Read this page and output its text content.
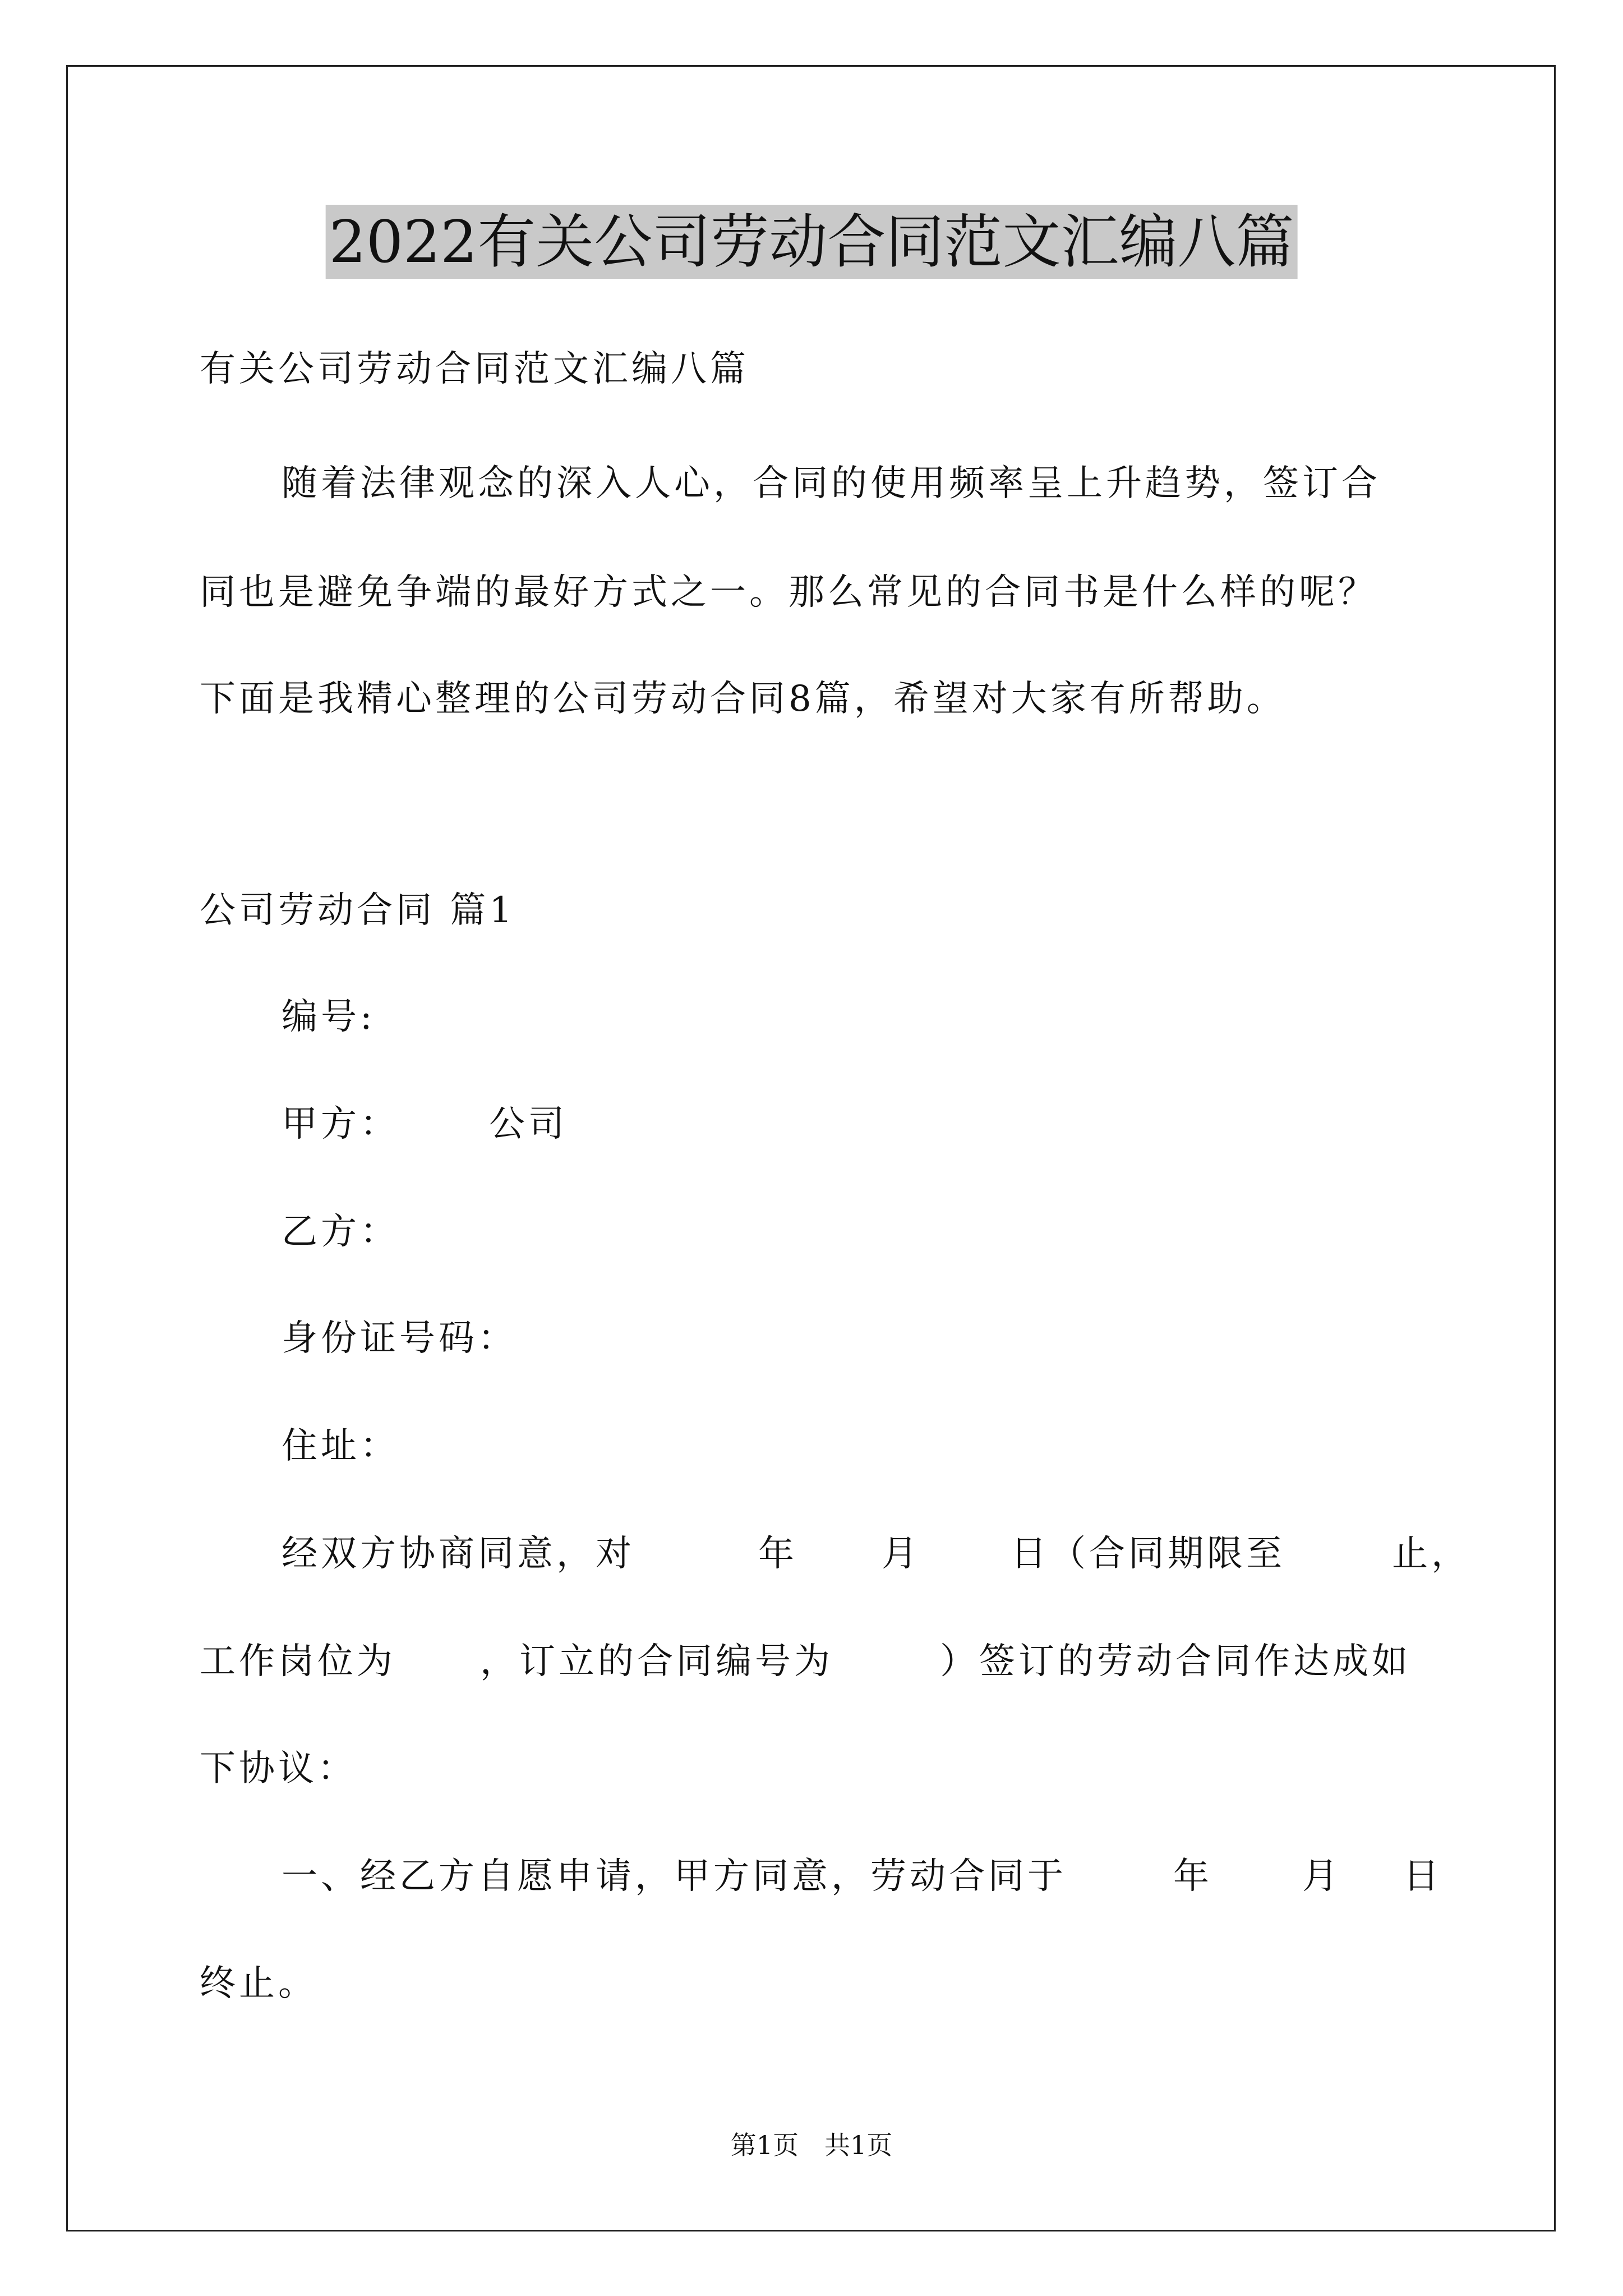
2022有关公司劳动合同范文汇编八篇
有关公司劳动合同范文汇编八篇
随着法律观念的深入人心，合同的使用频率呈上升趋势，签订合
同也是避免争端的最好方式之一。那么常见的合同书是什么样的呢？
下面是我精心整理的公司劳动合同8篇，希望对大家有所帮助。
公司劳动合同 篇1
编号:
甲方：	公司
乙方：
身份证号码：
住址：
经双方协商同意，对	年 月	日（合同期限至	止，
工作岗位为 ，订立的合同编号为	）签订的劳动合同作达成如
下协议：
一、经乙方自愿申请，甲方同意，劳动合同于	年	月 日
终止。
第1页　共1页
